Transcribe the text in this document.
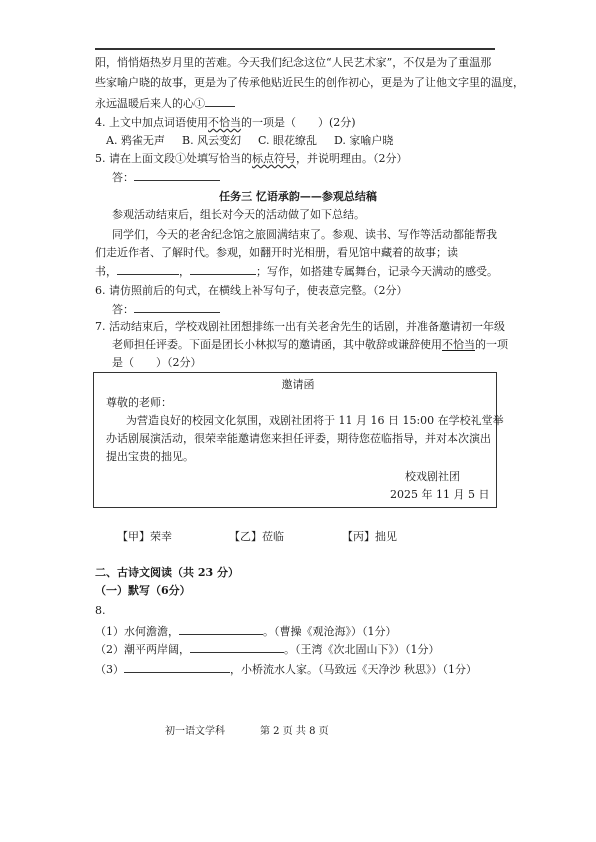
阳，悄悄焐热岁月里的苦难。今天我们纪念这位“人民艺术家”，不仅是为了重温那
些家喻户晓的故事，更是为了传承他贴近民生的创作初心，更是为了让他文字里的温度，
永远温暖后来人的心①
4. 上文中加点词语使用不恰当的一项是（　　）(2分)
A. 鸦雀无声 B. 风云变幻 C. 眼花缭乱 D. 家喻户晓
5. 请在上面文段①处填写恰当的标点符号，并说明理由。（2分）
答：
任务三 忆语承韵——参观总结稿
参观活动结束后，组长对今天的活动做了如下总结。
同学们，今天的老舍纪念馆之旅圆满结束了。参观、读书、写作等活动都能帮我
们走近作者、了解时代。参观，如翻开时光相册，看见馆中藏着的故事；读
书，	，	；写作，如搭建专属舞台，记录今天满动的感受。
6. 请仿照前后的句式，在横线上补写句子，使表意完整。（2分）
答：
7. 活动结束后，学校戏剧社团想排练一出有关老舍先生的话剧，并准备邀请初一年级
老师担任评委。下面是团长小林拟写的邀请函，其中敬辞或谦辞使用不恰当的一项
是（　　）（2分）
邀请函
尊敬的老师：
为营造良好的校园文化氛围，戏剧社团将于 11 月 16 日 15:00 在学校礼堂举
办话剧展演活动，很荣幸能邀请您来担任评委，期待您莅临指导，并对本次演出
提出宝贵的拙见。
校戏剧社团
2025 年 11 月 5 日
【甲】荣幸	【乙】莅临	【丙】拙见
二、古诗文阅读（共 23 分）
（一）默写（6分）
8.
（1）水何澹澹，	。（曹操《观沧海》）（1分）
（2）潮平两岸阔，	。（王湾《次北固山下》）（1分）
（3）	，小桥流水人家。（马致远《天净沙 秋思》）（1分）
初一语文学科	第 2 页 共 8 页
